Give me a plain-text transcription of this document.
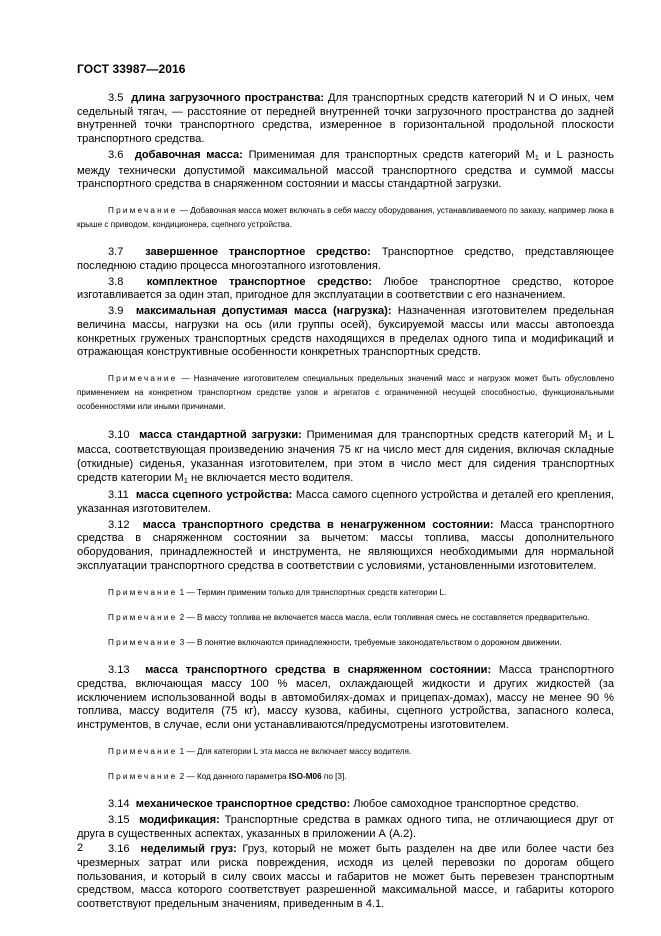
ГОСТ 33987—2016

3.5 длина загрузочного пространства: Для транспортных средств категорий N и O иных, чем седельный тягач, — расстояние от передней внутренней точки загрузочного пространства до задней внутренней точки транспортного средства, измеренное в горизонтальной продольной плоскости транспортного средства.

3.6 добавочная масса: Применимая для транспортных средств категорий $M_1$ и L разность между технически допустимой максимальной массой транспортного средства и суммой массы транспортного средства в снаряженном состоянии и массы стандартной загрузки.

Примечание — Добавочная масса может включать в себя массу оборудования, устанавливаемого по заказу, например люка в крыше с приводом, кондиционера, сцепного устройства.

3.7 завершенное транспортное средство: Транспортное средство, представляющее последнюю стадию процесса многоэтапного изготовления.

3.8 комплектное транспортное средство: Любое транспортное средство, которое изготавливается за один этап, пригодное для эксплуатации в соответствии с его назначением.

3.9 максимальная допустимая масса (нагрузка): Назначенная изготовителем предельная величина массы, нагрузки на ось (или группы осей), буксируемой массы или массы автопоезда конкретных груженых транспортных средств находящихся в пределах одного типа и модификаций и отражающая конструктивные особенности конкретных транспортных средств.

Примечание — Назначение изготовителем специальных предельных значений масс и нагрузок может быть обусловлено применением на конкретном транспортном средстве узлов и агрегатов с ограниченной несущей способностью, функциональными особенностями или иными причинами.

3.10 масса стандартной загрузки: Применимая для транспортных средств категорий $M_1$ и L масса, соответствующая произведению значения 75 кг на число мест для сидения, включая складные (откидные) сиденья, указанная изготовителем, при этом в число мест для сидения транспортных средств категории $M_1$ не включается место водителя.

3.11 масса сцепного устройства: Масса самого сцепного устройства и деталей его крепления, указанная изготовителем.

3.12 масса транспортного средства в ненагруженном состоянии: Масса транспортного средства в снаряженном состоянии за вычетом: массы топлива, массы дополнительного оборудования, принадлежностей и инструмента, не являющихся необходимыми для нормальной эксплуатации транспортного средства в соответствии с условиями, установленными изготовителем.

Примечание 1 — Термин применим только для транспортных средств категории L.

Примечание 2 — В массу топлива не включается масса масла, если топливная смесь не составляется предварительно.

Примечание 3 — В понятие включаются принадлежности, требуемые законодательством о дорожном движении.

3.13 масса транспортного средства в снаряженном состоянии: Масса транспортного средства, включающая массу 100 % масел, охлаждающей жидкости и других жидкостей (за исключением использованной воды в автомобилях-домах и прицепах-домах), массу не менее 90 % топлива, массу водителя (75 кг), массу кузова, кабины, сцепного устройства, запасного колеса, инструментов, в случае, если они устанавливаются/предусмотрены изготовителем.

Примечание 1 — Для категории L эта масса не включает массу водителя.

Примечание 2 — Код данного параметра ISO-M06 по [3].

3.14 механическое транспортное средство: Любое самоходное транспортное средство.

3.15 модификация: Транспортные средства в рамках одного типа, не отличающиеся друг от друга в существенных аспектах, указанных в приложении А (А.2).

3.16 неделимый груз: Груз, который не может быть разделен на две или более части без чрезмерных затрат или риска повреждения, исходя из целей перевозки по дорогам общего пользования, и который в силу своих массы и габаритов не может быть перевезен транспортным средством, масса которого соответствует разрешенной максимальной массе, и габариты которого соответствуют предельным значениям, приведенным в 4.1.

2
